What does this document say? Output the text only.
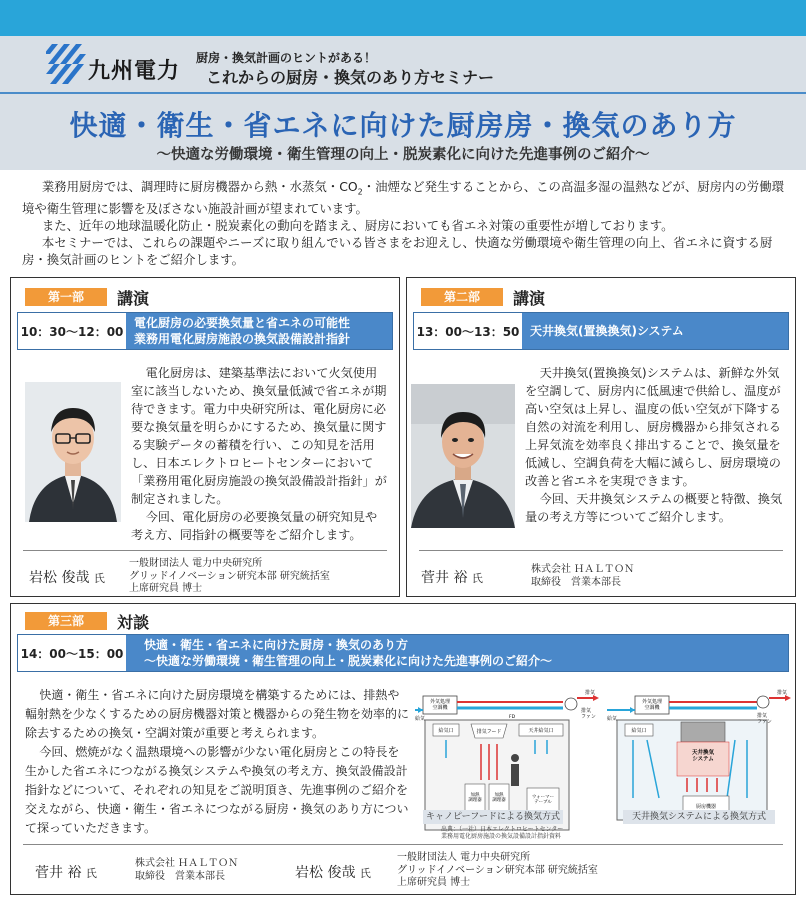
九州電力
厨房・換気計画のヒントがある！
これからの厨房・換気のあり方セミナー
快適・衛生・省エネに向けた厨房房・換気のあり方
～快適な労働環境・衛生管理の向上・脱炭素化に向けた先進事例のご紹介～

業務用厨房では、調理時に厨房機器から熱・水蒸気・$CO_2$・油煙など発生することから、この高温多湿の温熱などが、厨房内の労働環境や衛生管理に影響を及ぼさない施設計画が望まれています。

また、近年の地球温暖化防止・脱炭素化の動向を踏まえ、厨房においても省エネ対策の重要性が増しております。

本セミナーでは、これらの課題やニーズに取り組んでいる皆さまをお迎えし、快適な労働環境や衛生管理の向上、省エネに資する厨房・換気計画のヒントをご紹介します。

第一部	講演
10：30〜12：00
電化厨房の必要換気量と省エネの可能性
業務用電化厨房施設の換気設備設計指針

電化厨房は、建築基準法において火気使用室に該当しないため、換気量低減で省エネが期待できます。電力中央研究所は、電化厨房に必要な換気量を明らかにするため、換気量に関する実験データの蓄積を行い、この知見を活用し、日本エレクトロヒートセンターにおいて「業務用電化厨房施設の換気設備設計指針」が制定されました。

今回、電化厨房の必要換気量の研究知見や考え方、同指針の概要等をご紹介します。

岩松 俊哉 氏
一般財団法人 電力中央研究所
グリッドイノベーション研究本部 研究統括室
上席研究員 博士
第二部	講演
13：00〜13：50 天井換気(置換換気)システム

天井換気(置換換気)システムは、新鮮な外気を空調して、厨房内に低風速で供給し、温度が高い空気は上昇し、温度の低い空気が下降する自然の対流を利用し、厨房機器から排気される上昇気流を効率良く排出することで、換気量を低減し、空調負荷を大幅に減らし、厨房環境の改善と省エネを実現できます。

今回、天井換気システムの概要と特徴、換気量の考え方等についてご紹介します。

菅井 裕 氏
株式会社 ＨＡＬＴＯＮ
取締役　営業本部長
第三部	対談
14：00〜15：00
快適・衛生・省エネに向けた厨房・換気のあり方
～快適な労働環境・衛生管理の向上・脱炭素化に向けた先進事例のご紹介～

快適・衛生・省エネに向けた厨房環境を構築するためには、排熱や輻射熱を少なくするための厨房機器対策と機器からの発生物を効率的に除去するための換気・空調対策が重要と考えられます。

今回、燃焼がなく温熱環境への影響が少ない電化厨房とこの特長を生かした省エネにつながる換気システムや換気の考え方、換気設備設計指針などについて、それぞれの知見をご説明頂き、先進事例のご紹介を交えながら、快適・衛生・省エネにつながる厨房・換気のあり方について探っていただきます。

外気処理空調機
排気ファン
排気
給気	FD
給気口	排気フード	天井給気口
加熱調理器
加熱調理器
ウォーマーテーブル
キャノピーフードによる換気方式
出典：（一社）日本エレクトロヒートセンター
業務用電化厨房施設の換気設備設計指針資料
外気処理空調機
排気ファン
排気
給気
給気口
天井換気システム
厨房機器
天井換気システムによる換気方式
菅井 裕 氏
株式会社 ＨＡＬＴＯＮ
取締役　営業本部長	岩松 俊哉 氏
一般財団法人 電力中央研究所
グリッドイノベーション研究本部 研究統括室
上席研究員 博士
